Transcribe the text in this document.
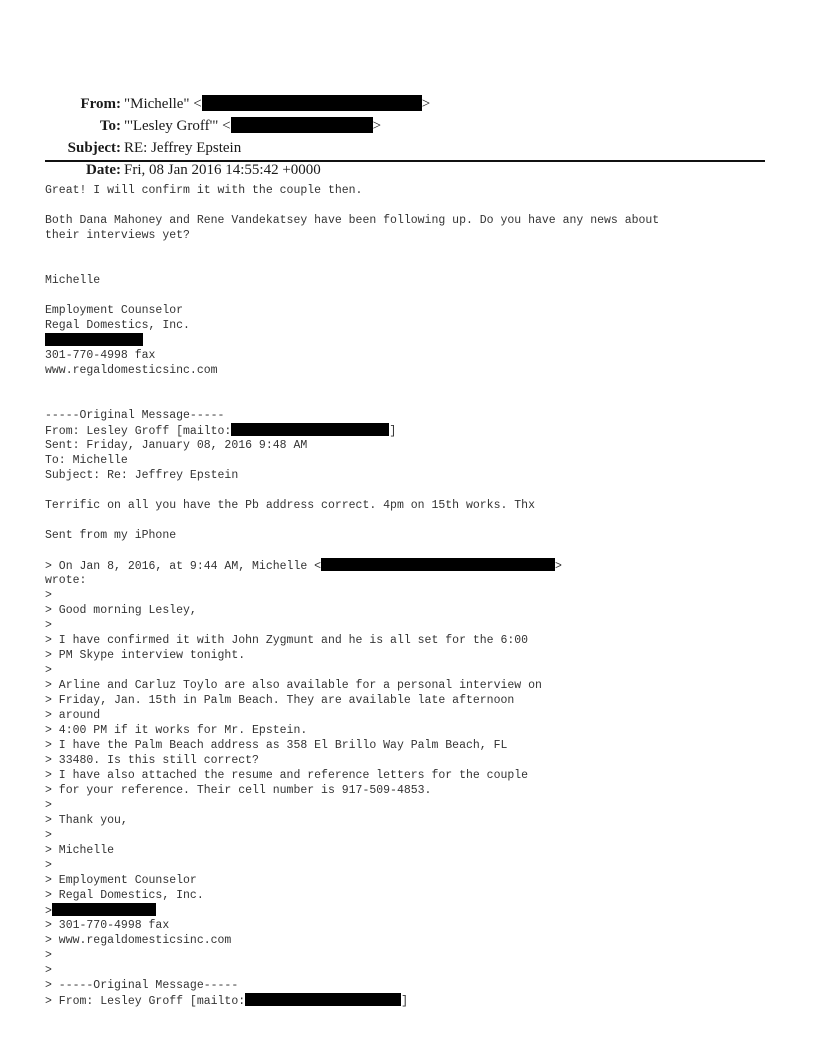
From:

"Michelle" <	>

To:

"'Lesley Groff'" <	>

Subject:

RE: Jeffrey Epstein

Date:

Fri, 08 Jan 2016 14:55:42 +0000

Great! I will confirm it with the couple then.
Both Dana Mahoney and Rene Vandekatsey have been following up. Do you have any news about
their interviews yet?
Michelle
Employment Counselor
Regal Domestics, Inc.
301-770-4998 fax
www.regaldomesticsinc.com
-----Original Message-----
From: Lesley Groff [mailto:	]
Sent: Friday, January 08, 2016 9:48 AM
To: Michelle
Subject: Re: Jeffrey Epstein
Terrific on all you have the Pb address correct. 4pm on 15th works. Thx
Sent from my iPhone
> On Jan 8, 2016, at 9:44 AM, Michelle <	>
wrote:
>
> Good morning Lesley,
>
> I have confirmed it with John Zygmunt and he is all set for the 6:00
> PM Skype interview tonight.
>
> Arline and Carluz Toylo are also available for a personal interview on
> Friday, Jan. 15th in Palm Beach. They are available late afternoon
> around
> 4:00 PM if it works for Mr. Epstein.
> I have the Palm Beach address as 358 El Brillo Way Palm Beach, FL
> 33480. Is this still correct?
> I have also attached the resume and reference letters for the couple
> for your reference. Their cell number is 917-509-4853.
>
> Thank you,
>
> Michelle
>
> Employment Counselor
> Regal Domestics, Inc.
>
> 301-770-4998 fax
> www.regaldomesticsinc.com
>
>
> -----Original Message-----
> From: Lesley Groff [mailto:	]
